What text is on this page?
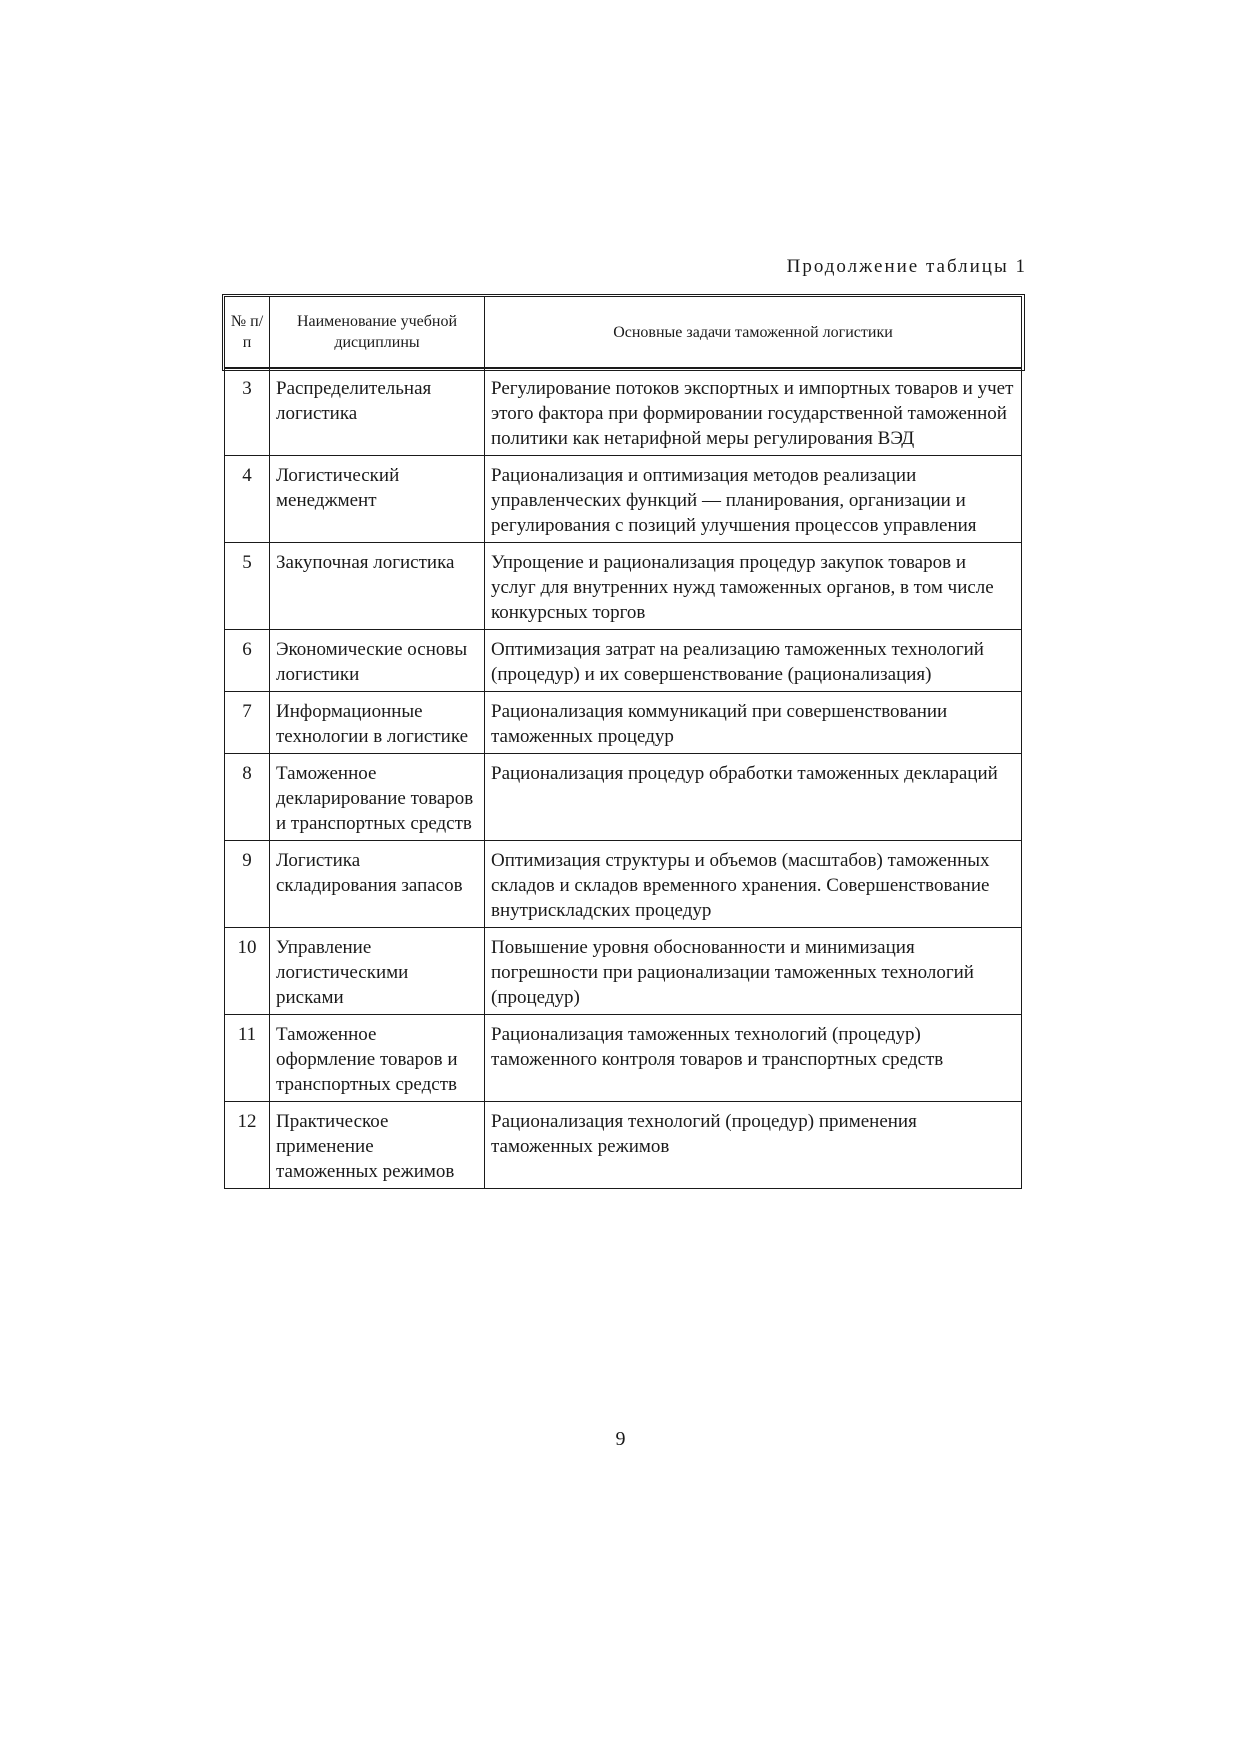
Продолжение таблицы 1
№ п/п	Наименование учебной дисциплины	Основные задачи таможенной логистики
3	Распределительная логистика	Регулирование потоков экспортных и импортных товаров и учет этого фактора при формировании государственной таможенной политики как нетарифной меры регулирования ВЭД
4	Логистический менеджмент	Рационализация и оптимизация методов реализации управленческих функций — планирования, организации и регулирования с позиций улучшения процессов управления
5	Закупочная логистика	Упрощение и рационализация процедур закупок товаров и услуг для внутренних нужд таможенных органов, в том числе конкурсных торгов
6	Экономические основы логистики	Оптимизация затрат на реализацию таможенных технологий (процедур) и их совершенствование (рационализация)
7	Информационные технологии в логистике	Рационализация коммуникаций при совершенствовании таможенных процедур
8	Таможенное декларирование товаров и транспортных средств	Рационализация процедур обработки таможенных деклараций
9	Логистика складирования запасов	Оптимизация структуры и объемов (масштабов) таможенных складов и складов временного хранения. Совершенствование внутрискладских процедур
10	Управление логистическими рисками	Повышение уровня обоснованности и минимизация погрешности при рационализации таможенных технологий (процедур)
11	Таможенное оформление товаров и транспортных средств	Рационализация таможенных технологий (процедур) таможенного контроля товаров и транспортных средств
12	Практическое применение таможенных режимов	Рационализация технологий (процедур) применения таможенных режимов
9
